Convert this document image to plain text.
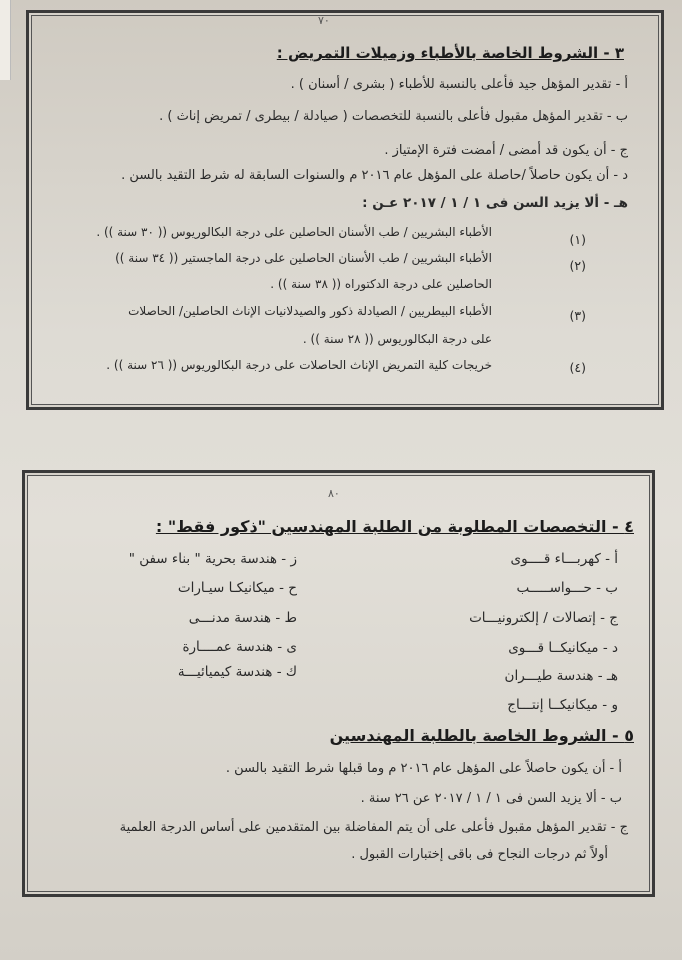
٧٠
٣ - الشروط الخاصة بالأطباء وزميلات التمريض :
أ - تقدير المؤهل جيد فأعلى بالنسبة للأطباء ( بشرى / أسنان ) .
ب - تقدير المؤهل مقبول فأعلى بالنسبة للتخصصات ( صيادلة / بيطرى / تمريض إناث ) .
ج - أن يكون قد أمضى / أمضت فترة الإمتياز .
د - أن يكون حاصلاً /حاصلة على المؤهل عام ٢٠١٦ م والسنوات السابقة له شرط التقيد بالسن .
هـ - ألا يزيد السن فى ١ / ١ / ٢٠١٧ عـن :
(١)
الأطباء البشريين / طب الأسنان الحاصلين على درجة البكالوريوس (( ٣٠ سنة )) .
(٢)
الأطباء البشريين / طب الأسنان الحاصلين على درجة الماجستير (( ٣٤ سنة ))
الحاصلين على درجة الدكتوراه (( ٣٨ سنة )) .
(٣)
الأطباء البيطريين / الصيادلة ذكور والصيدلانيات الإناث الحاصلين/ الحاصلات
على درجة البكالوريوس (( ٢٨ سنة )) .
(٤)
خريجات كلية التمريض الإناث الحاصلات على درجة البكالوريوس (( ٢٦ سنة )) .
٨٠
٤ - التخصصات المطلوبة من الطلبة المهندسين "ذكور فقط" :
أ - كهربـــاء قــــوى
ب - حـــواســـــب
ج - إتصالات / إلكترونيـــات
د - ميكانيكــا قـــوى
هـ - هندسة طيـــران
و - ميكانيكــا إنتـــاج
ز - هندسة بحرية " بناء سفن "
ح - ميكانيكـا سيـارات
ط - هندسة مدنـــى
ى - هندسة عمــــارة
ك - هندسة كيميائيـــة
٥ - الشروط الخاصة بالطلبة المهندسين
أ - أن يكون حاصلاً على المؤهل عام ٢٠١٦ م وما قبلها شرط التقيد بالسن .
ب - ألا يزيد السن فى ١ / ١ / ٢٠١٧ عن ٢٦ سنة .
ج - تقدير المؤهل مقبول فأعلى على أن يتم المفاضلة بين المتقدمين على أساس الدرجة العلمية
أولاً ثم درجات النجاح فى باقى إختبارات القبول .
